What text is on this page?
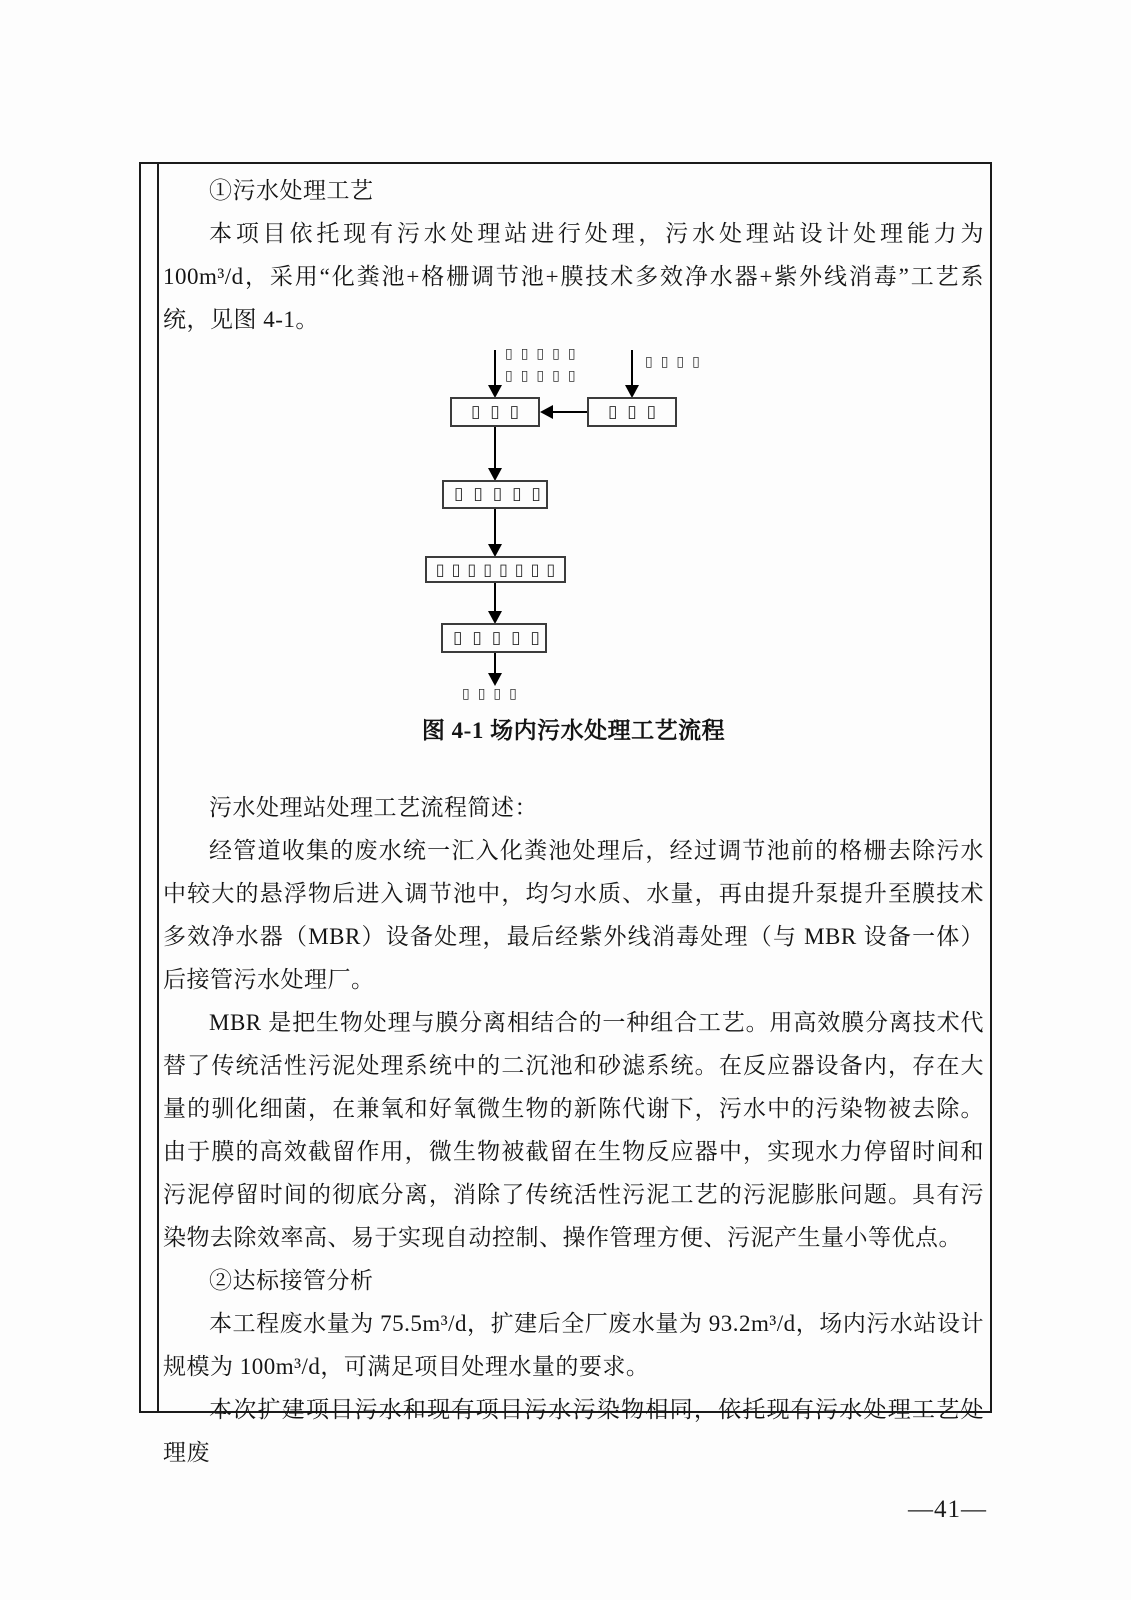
①污水处理工艺

本项目依托现有污水处理站进行处理，污水处理站设计处理能力为 100m³/d，采用“化粪池+格栅调节池+膜技术多效净水器+紫外线消毒”工艺系统，见图 4-1。

▯▯▯▯▯
▯▯▯▯▯
▯▯▯▯
▯▯▯	▯▯▯
▯▯▯▯▯
▯▯▯▯▯▯▯▯
▯▯▯▯▯
▯▯▯▯

图 4-1 场内污水处理工艺流程

污水处理站处理工艺流程简述：

经管道收集的废水统一汇入化粪池处理后，经过调节池前的格栅去除污水中较大的悬浮物后进入调节池中，均匀水质、水量，再由提升泵提升至膜技术多效净水器（MBR）设备处理，最后经紫外线消毒处理（与 MBR 设备一体）后接管污水处理厂。

MBR 是把生物处理与膜分离相结合的一种组合工艺。用高效膜分离技术代替了传统活性污泥处理系统中的二沉池和砂滤系统。在反应器设备内，存在大量的驯化细菌，在兼氧和好氧微生物的新陈代谢下，污水中的污染物被去除。由于膜的高效截留作用，微生物被截留在生物反应器中，实现水力停留时间和污泥停留时间的彻底分离，消除了传统活性污泥工艺的污泥膨胀问题。具有污染物去除效率高、易于实现自动控制、操作管理方便、污泥产生量小等优点。

②达标接管分析

本工程废水量为 75.5m³/d，扩建后全厂废水量为 93.2m³/d，场内污水站设计规模为 100m³/d，可满足项目处理水量的要求。

本次扩建项目污水和现有项目污水污染物相同，依托现有污水处理工艺处理废

—41—
